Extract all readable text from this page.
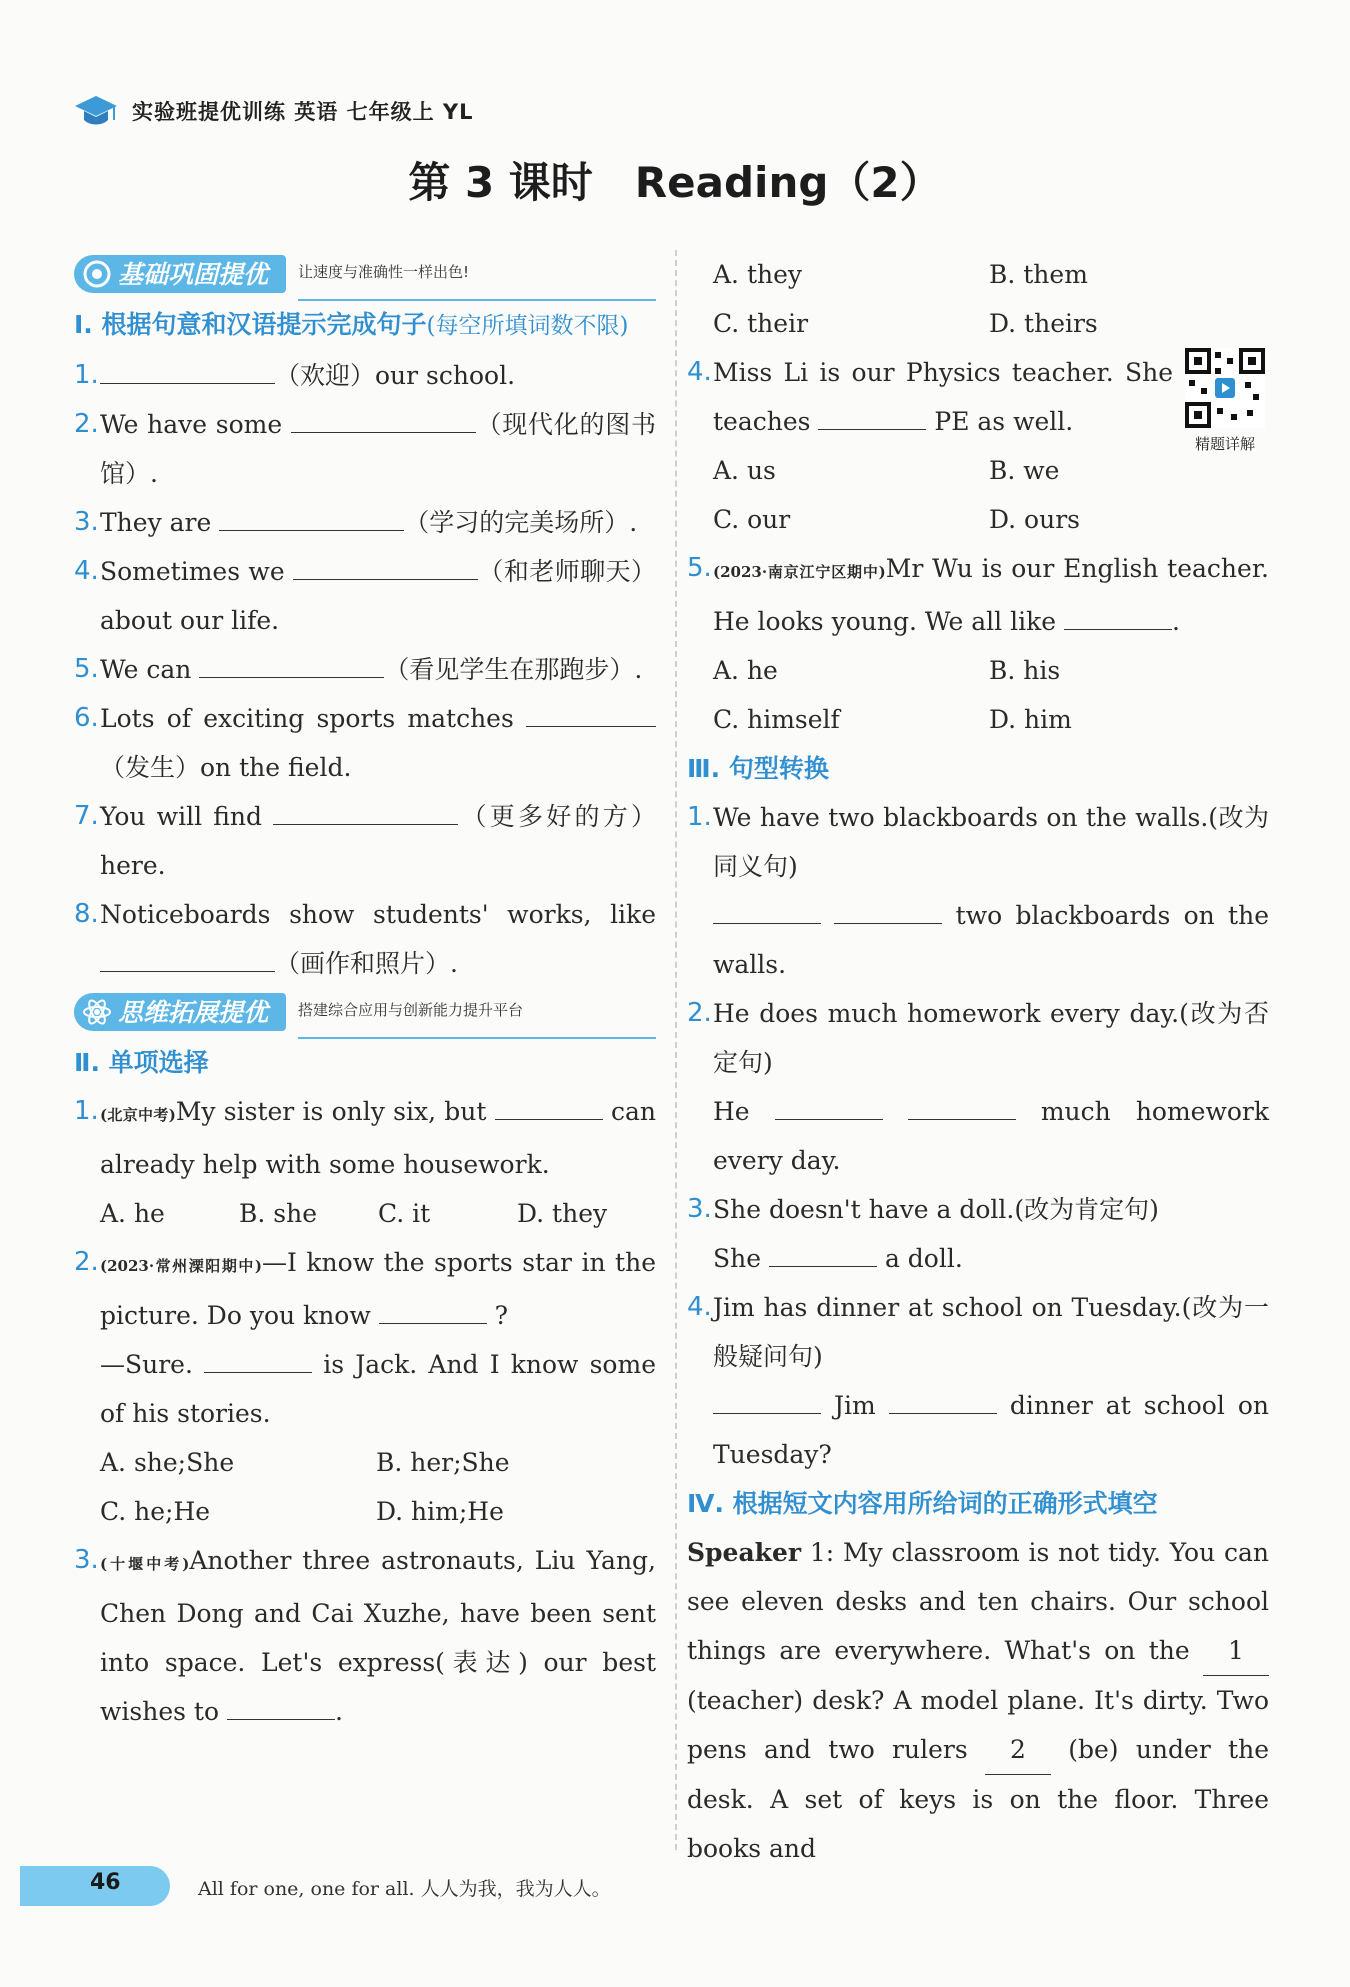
实验班提优训练 英语 七年级上 YL
第 3 课时　Reading（2）
基础巩固提优 让速度与准确性一样出色!
Ⅰ. 根据句意和汉语提示完成句子(每空所填词数不限)
1.	（欢迎）our school.
2. We have some	（现代化的图书馆）.
3. They are	（学习的完美场所）.
4. Sometimes we	（和老师聊天）about our life.
5. We can	（看见学生在那跑步）.
6. Lots of exciting sports matches （发生）on the field.
7. You will find	（更多好的方）here.
8. Noticeboards show students' works, like （画作和照片）.
思维拓展提优 搭建综合应用与创新能力提升平台
Ⅱ. 单项选择
1. (北京中考)My sister is only six, but	can already help with some housework.
A. he	B. she	C. it	D. they
2. (2023·常州溧阳期中)—I know the sports star in the picture. Do you know	?
—Sure.	is Jack. And I know some of his stories.
A. she;She	B. her;She
C. he;He	D. him;He
3. (十堰中考)Another three astronauts, Liu Yang, Chen Dong and Cai Xuzhe, have been sent into space. Let's express(表达) our best wishes to	.
A. they	B. them
C. their	D. theirs
4. Miss Li is our Physics teacher. She teaches	PE as well.
A. us	B. we
C. our	D. ours
5. (2023·南京江宁区期中)Mr Wu is our English teacher. He looks young. We all like	.
A. he	B. his
C. himself	D. him
Ⅲ. 句型转换
1. We have two blackboards on the walls.(改为同义句)
two blackboards on the walls.
2. He does much homework every day.(改为否定句)
He	much homework every day.
3. She doesn't have a doll.(改为肯定句)
She	a doll.
4. Jim has dinner at school on Tuesday.(改为一般疑问句)
Jim	dinner at school on Tuesday?
Ⅳ. 根据短文内容用所给词的正确形式填空
Speaker 1: My classroom is not tidy. You can see eleven desks and ten chairs. Our school things are everywhere. What's on the 1 (teacher) desk? A model plane. It's dirty. Two pens and two rulers 2 (be) under the desk. A set of keys is on the floor. Three books and
精题详解
46	All for one, one for all. 人人为我，我为人人。
